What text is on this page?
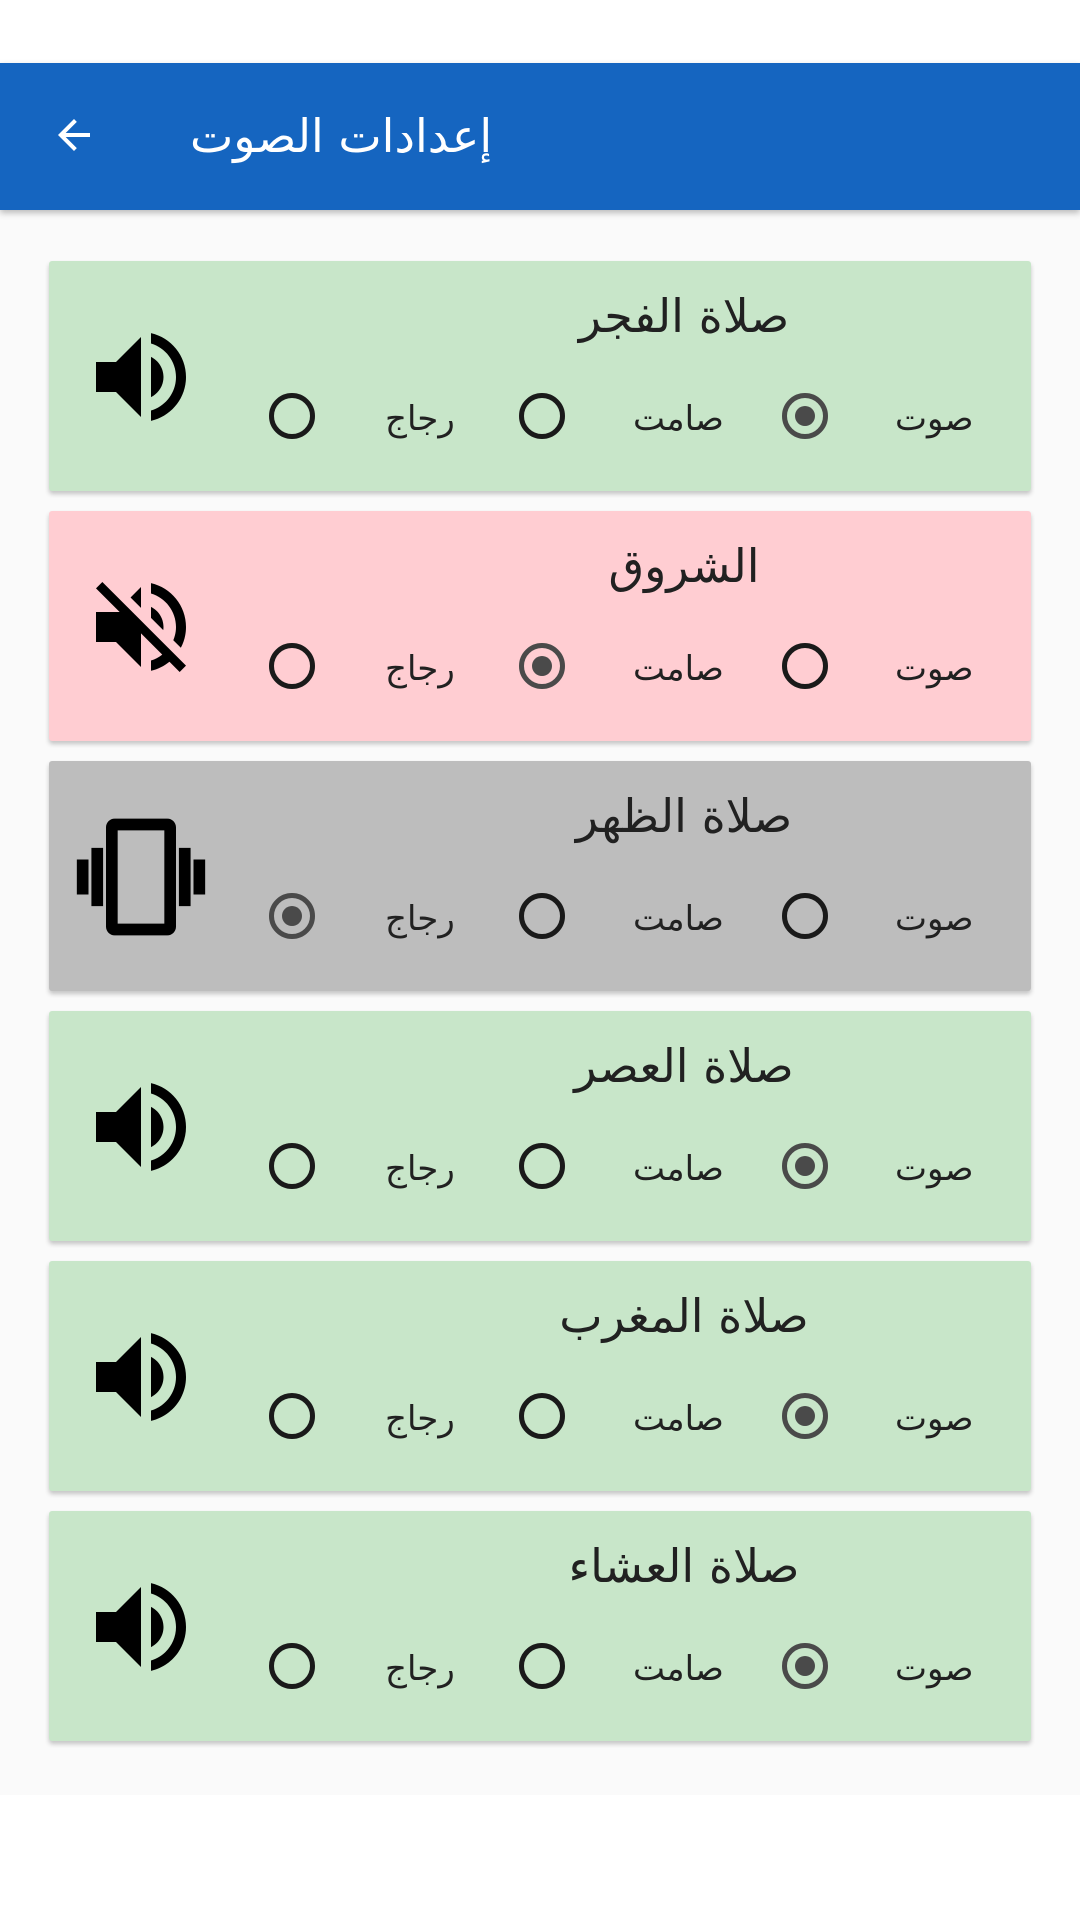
إعدادات الصوت
صلاة الفجر
صوت
صامت
رجاج
الشروق
صوت
صامت
رجاج
صلاة الظهر
صوت
صامت
رجاج
صلاة العصر
صوت
صامت
رجاج
صلاة المغرب
صوت
صامت
رجاج
صلاة العشاء
صوت
صامت
رجاج
